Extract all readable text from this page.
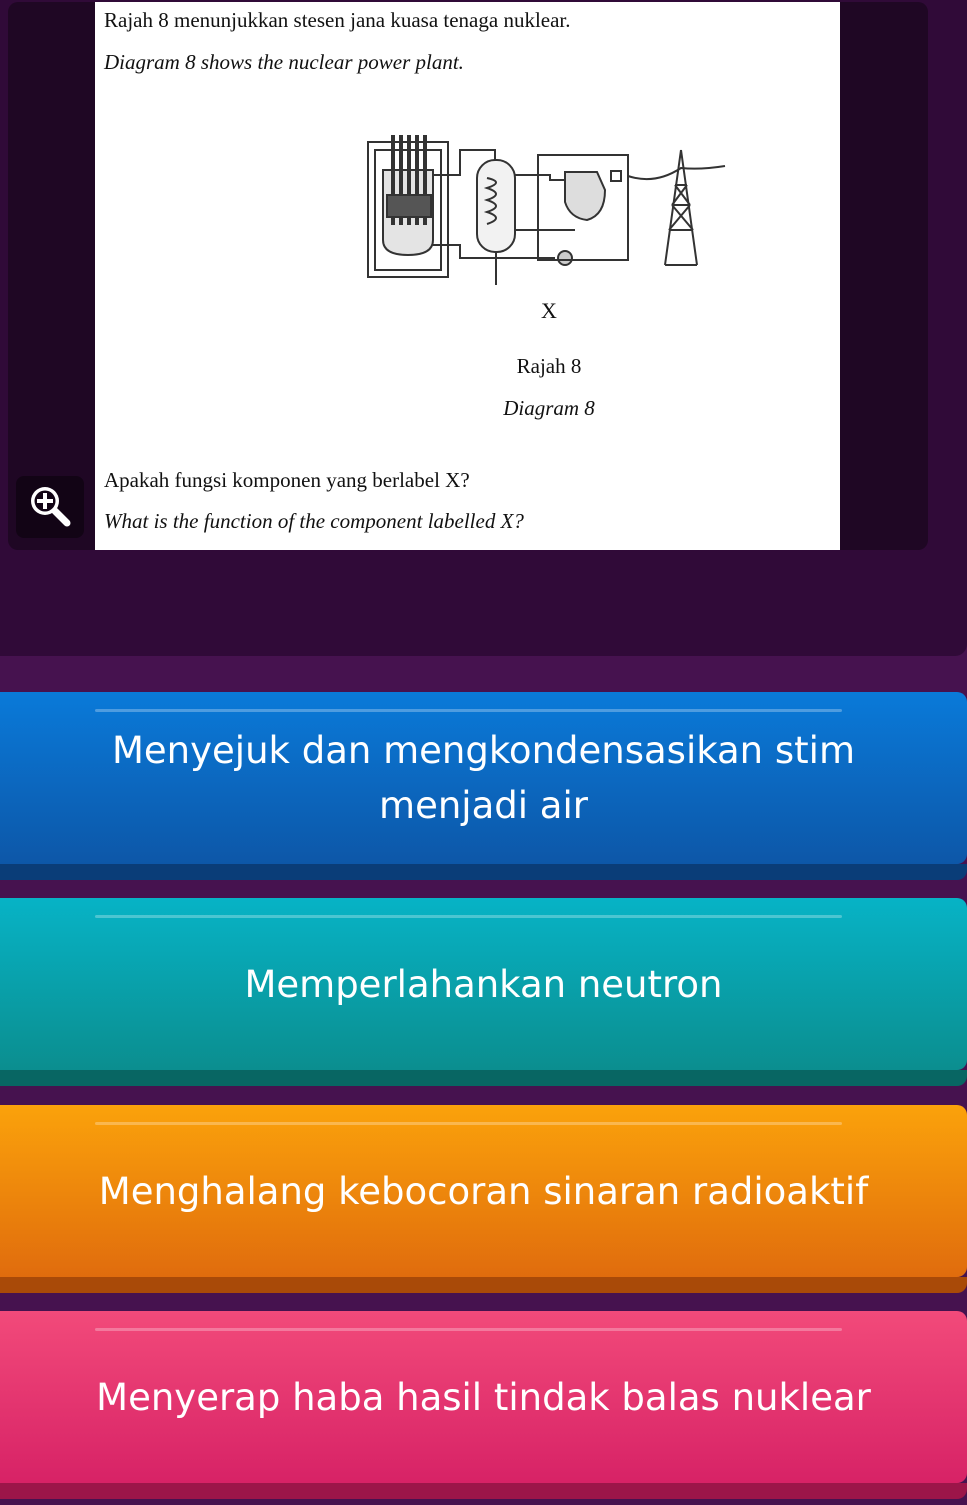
Rajah 8 menunjukkan stesen jana kuasa tenaga nuklear.
Diagram 8 shows the nuclear power plant.
X
Rajah 8
Diagram 8
Apakah fungsi komponen yang berlabel X?
What is the function of the component labelled X?
Menyejuk dan mengkondensasikan stim menjadi air
Memperlahankan neutron
Menghalang kebocoran sinaran radioaktif
Menyerap haba hasil tindak balas nuklear
